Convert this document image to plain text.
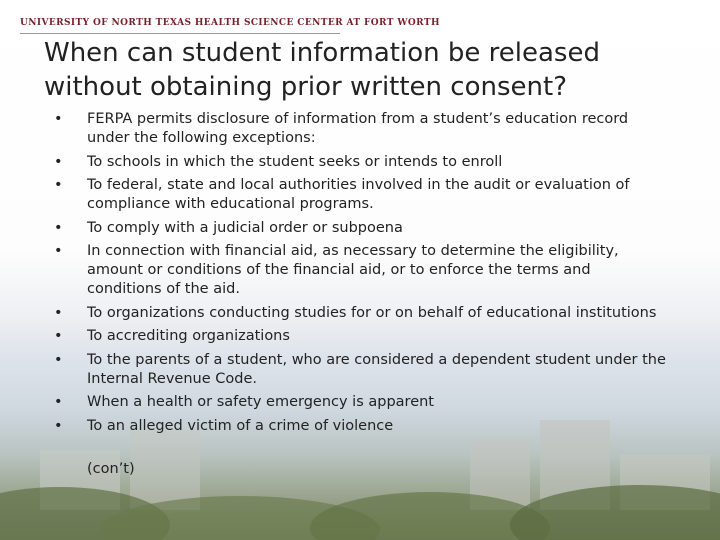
UNIVERSITY OF NORTH TEXAS HEALTH SCIENCE CENTER AT FORT WORTH
When can student information be released
without obtaining prior written consent?
•	FERPA permits disclosure of information from a student’s education record under the following exceptions:
•	To schools in which the student seeks or intends to enroll
•	To federal, state and local authorities involved in the audit or evaluation of compliance with educational programs.
•	To comply with a judicial order or subpoena
•	In connection with financial aid, as necessary to determine the eligibility, amount or conditions of the financial aid, or to enforce the terms and conditions of the aid.
•	To organizations conducting studies for or on behalf of educational institutions
•	To accrediting organizations
•	To the parents of a student, who are considered a dependent student under the Internal Revenue Code.
•	When a health or safety emergency is apparent
•	To an alleged victim of a crime of violence
(con’t)
